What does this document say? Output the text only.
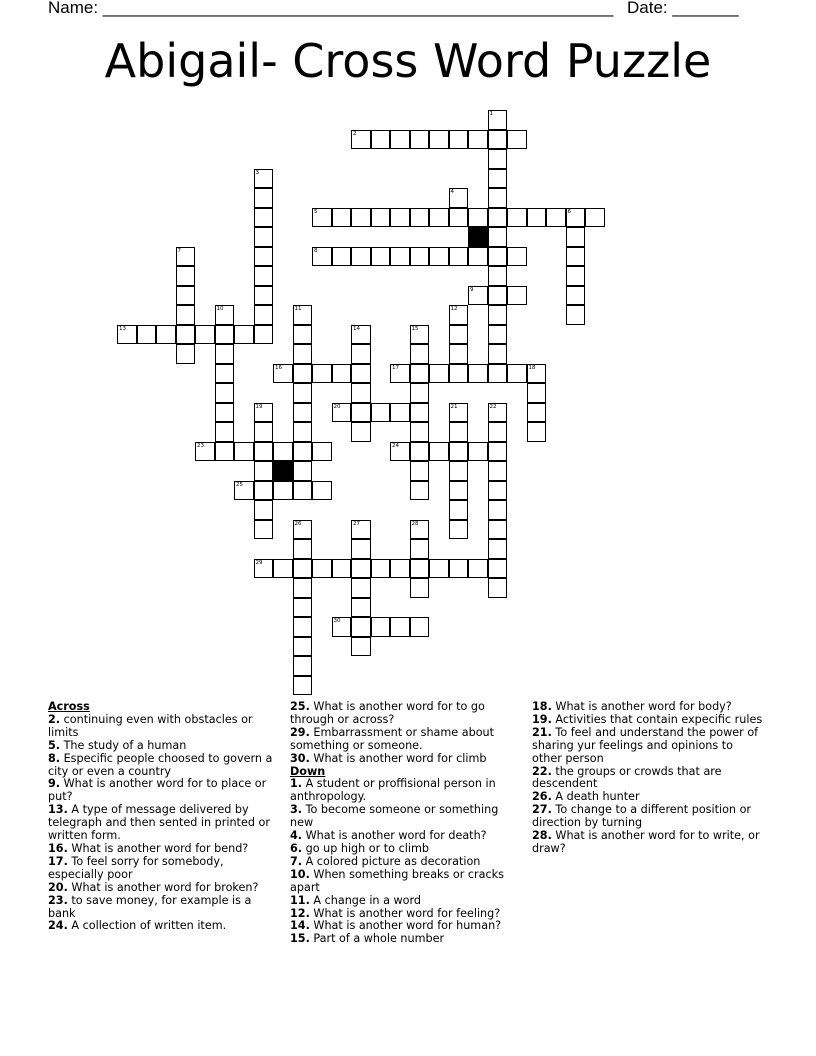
Name: ______________________________________________________ Date: _______
Abigail- Cross Word Puzzle
2
5	6
8
9
13
16	17	18
20
23	24
25
29
30
1
3
4
7
10	11	12
14	15
19	21	22
26	27	28
Across

2. continuing even with obstacles or limits

5. The study of a human

8. Especific people choosed to govern a city or even a country

9. What is another word for to place or put?

13. A type of message delivered by telegraph and then sented in printed or written form.

16. What is another word for bend?

17. To feel sorry for somebody, especially poor

20. What is another word for broken?

23. to save money, for example is a bank

24. A collection of written item.

25. What is another word for to go through or across?

29. Embarrassment or shame about something or someone.

30. What is another word for climb

Down

1. A student or proffisional person in anthropology.

3. To become someone or something new

4. What is another word for death?

6. go up high or to climb

7. A colored picture as decoration

10. When something breaks or cracks apart

11. A change in a word

12. What is another word for feeling?

14. What is another word for human?

15. Part of a whole number

18. What is another word for body?

19. Activities that contain expecific rules

21. To feel and understand the power of sharing yur feelings and opinions to other person

22. the groups or crowds that are descendent

26. A death hunter

27. To change to a different position or direction by turning

28. What is another word for to write, or draw?
